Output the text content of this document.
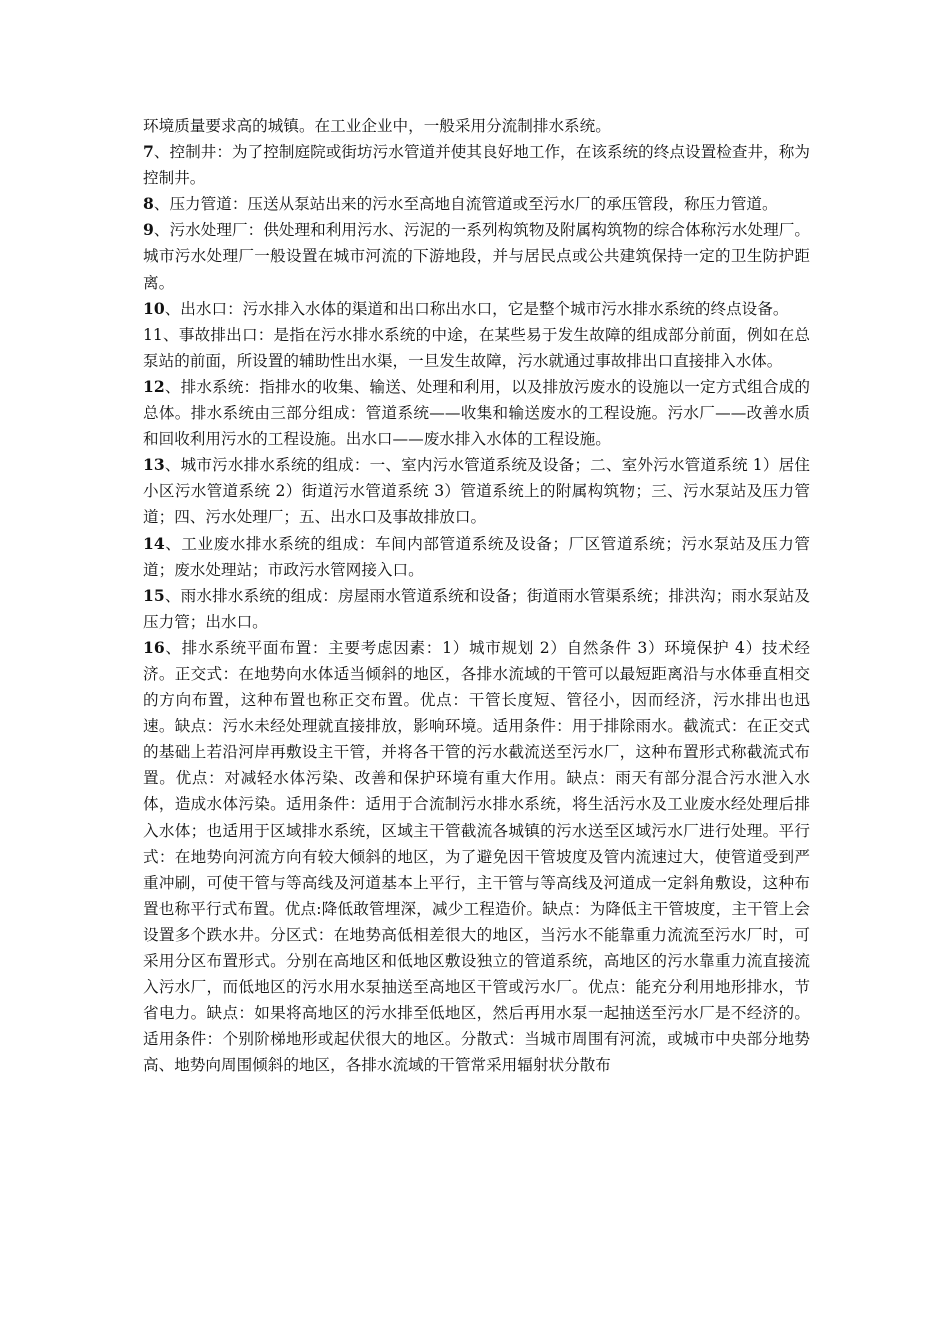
环境质量要求高的城镇。在工业企业中，一般采用分流制排水系统。

7、控制井：为了控制庭院或街坊污水管道并使其良好地工作，在该系统的终点设置检查井，称为控制井。

8、压力管道：压送从泵站出来的污水至高地自流管道或至污水厂的承压管段，称压力管道。

9、污水处理厂：供处理和利用污水、污泥的一系列构筑物及附属构筑物的综合体称污水处理厂。城市污水处理厂一般设置在城市河流的下游地段，并与居民点或公共建筑保持一定的卫生防护距离。

10、出水口：污水排入水体的渠道和出口称出水口，它是整个城市污水排水系统的终点设备。

11、事故排出口：是指在污水排水系统的中途，在某些易于发生故障的组成部分前面，例如在总泵站的前面，所设置的辅助性出水渠，一旦发生故障，污水就通过事故排出口直接排入水体。

12、排水系统：指排水的收集、输送、处理和利用，以及排放污废水的设施以一定方式组合成的总体。排水系统由三部分组成：管道系统——收集和输送废水的工程设施。污水厂——改善水质和回收利用污水的工程设施。出水口——废水排入水体的工程设施。

13、城市污水排水系统的组成：一、室内污水管道系统及设备；二、室外污水管道系统 1）居住小区污水管道系统 2）街道污水管道系统 3）管道系统上的附属构筑物；三、污水泵站及压力管道；四、污水处理厂；五、出水口及事故排放口。

14、工业废水排水系统的组成：车间内部管道系统及设备；厂区管道系统；污水泵站及压力管道；废水处理站；市政污水管网接入口。

15、雨水排水系统的组成：房屋雨水管道系统和设备；街道雨水管渠系统；排洪沟；雨水泵站及压力管；出水口。

16、排水系统平面布置：主要考虑因素：1）城市规划 2）自然条件 3）环境保护 4）技术经济。正交式：在地势向水体适当倾斜的地区，各排水流域的干管可以最短距离沿与水体垂直相交的方向布置，这种布置也称正交布置。优点：干管长度短、管径小，因而经济，污水排出也迅速。缺点：污水未经处理就直接排放，影响环境。适用条件：用于排除雨水。截流式：在正交式的基础上若沿河岸再敷设主干管，并将各干管的污水截流送至污水厂，这种布置形式称截流式布置。优点：对减轻水体污染、改善和保护环境有重大作用。缺点：雨天有部分混合污水泄入水体，造成水体污染。适用条件：适用于合流制污水排水系统，将生活污水及工业废水经处理后排入水体；也适用于区域排水系统，区域主干管截流各城镇的污水送至区域污水厂进行处理。平行式：在地势向河流方向有较大倾斜的地区，为了避免因干管坡度及管内流速过大，使管道受到严重冲刷，可使干管与等高线及河道基本上平行，主干管与等高线及河道成一定斜角敷设，这种布置也称平行式布置。优点:降低敢管埋深，减少工程造价。缺点：为降低主干管坡度，主干管上会设置多个跌水井。分区式：在地势高低相差很大的地区，当污水不能靠重力流流至污水厂时，可采用分区布置形式。分别在高地区和低地区敷设独立的管道系统，高地区的污水靠重力流直接流入污水厂，而低地区的污水用水泵抽送至高地区干管或污水厂。优点：能充分利用地形排水，节省电力。缺点：如果将高地区的污水排至低地区，然后再用水泵一起抽送至污水厂是不经济的。适用条件：个别阶梯地形或起伏很大的地区。分散式：当城市周围有河流，或城市中央部分地势高、地势向周围倾斜的地区，各排水流域的干管常采用辐射状分散布
